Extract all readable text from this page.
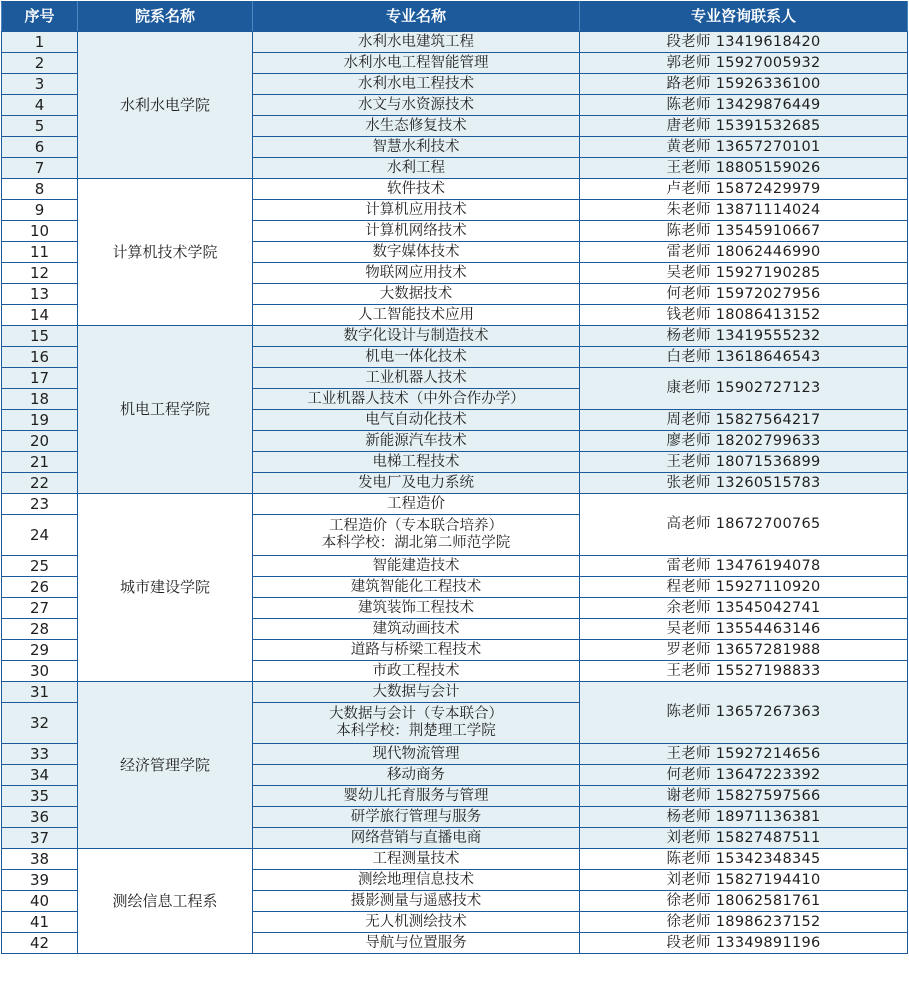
序号	院系名称	专业名称	专业咨询联系人
1	水利水电学院	水利水电建筑工程	段老师 13419618420
2		水利水电工程智能管理	郭老师 15927005932
3		水利水电工程技术	路老师 15926336100
4		水文与水资源技术	陈老师 13429876449
5		水生态修复技术	唐老师 15391532685
6		智慧水利技术	黄老师 13657270101
7		水利工程	王老师 18805159026
8	计算机技术学院	软件技术	卢老师 15872429979
9		计算机应用技术	朱老师 13871114024
10		计算机网络技术	陈老师 13545910667
11		数字媒体技术	雷老师 18062446990
12		物联网应用技术	吴老师 15927190285
13		大数据技术	何老师 15972027956
14		人工智能技术应用	钱老师 18086413152
15	机电工程学院	数字化设计与制造技术	杨老师 13419555232
16		机电一体化技术	白老师 13618646543
17		工业机器人技术	康老师 15902727123
18		工业机器人技术（中外合作办学）	

19		电气自动化技术	周老师 15827564217
20		新能源汽车技术	廖老师 18202799633
21		电梯工程技术	王老师 18071536899
22		发电厂及电力系统	张老师 13260515783
23	城市建设学院	工程造价	高老师 18672700765
24		工程造价（专本联合培养）
本科学校：湖北第二师范学院	

25		智能建造技术	雷老师 13476194078
26		建筑智能化工程技术	程老师 15927110920
27		建筑装饰工程技术	余老师 13545042741
28		建筑动画技术	吴老师 13554463146
29		道路与桥梁工程技术	罗老师 13657281988
30		市政工程技术	王老师 15527198833
31	经济管理学院	大数据与会计	陈老师 13657267363
32		大数据与会计（专本联合）
本科学校：荆楚理工学院	

33		现代物流管理	王老师 15927214656
34		移动商务	何老师 13647223392
35		婴幼儿托育服务与管理	谢老师 15827597566
36		研学旅行管理与服务	杨老师 18971136381
37		网络营销与直播电商	刘老师 15827487511
38	测绘信息工程系	工程测量技术	陈老师 15342348345
39		测绘地理信息技术	刘老师 15827194410
40		摄影测量与遥感技术	徐老师 18062581761
41		无人机测绘技术	徐老师 18986237152
42		导航与位置服务	段老师 13349891196
